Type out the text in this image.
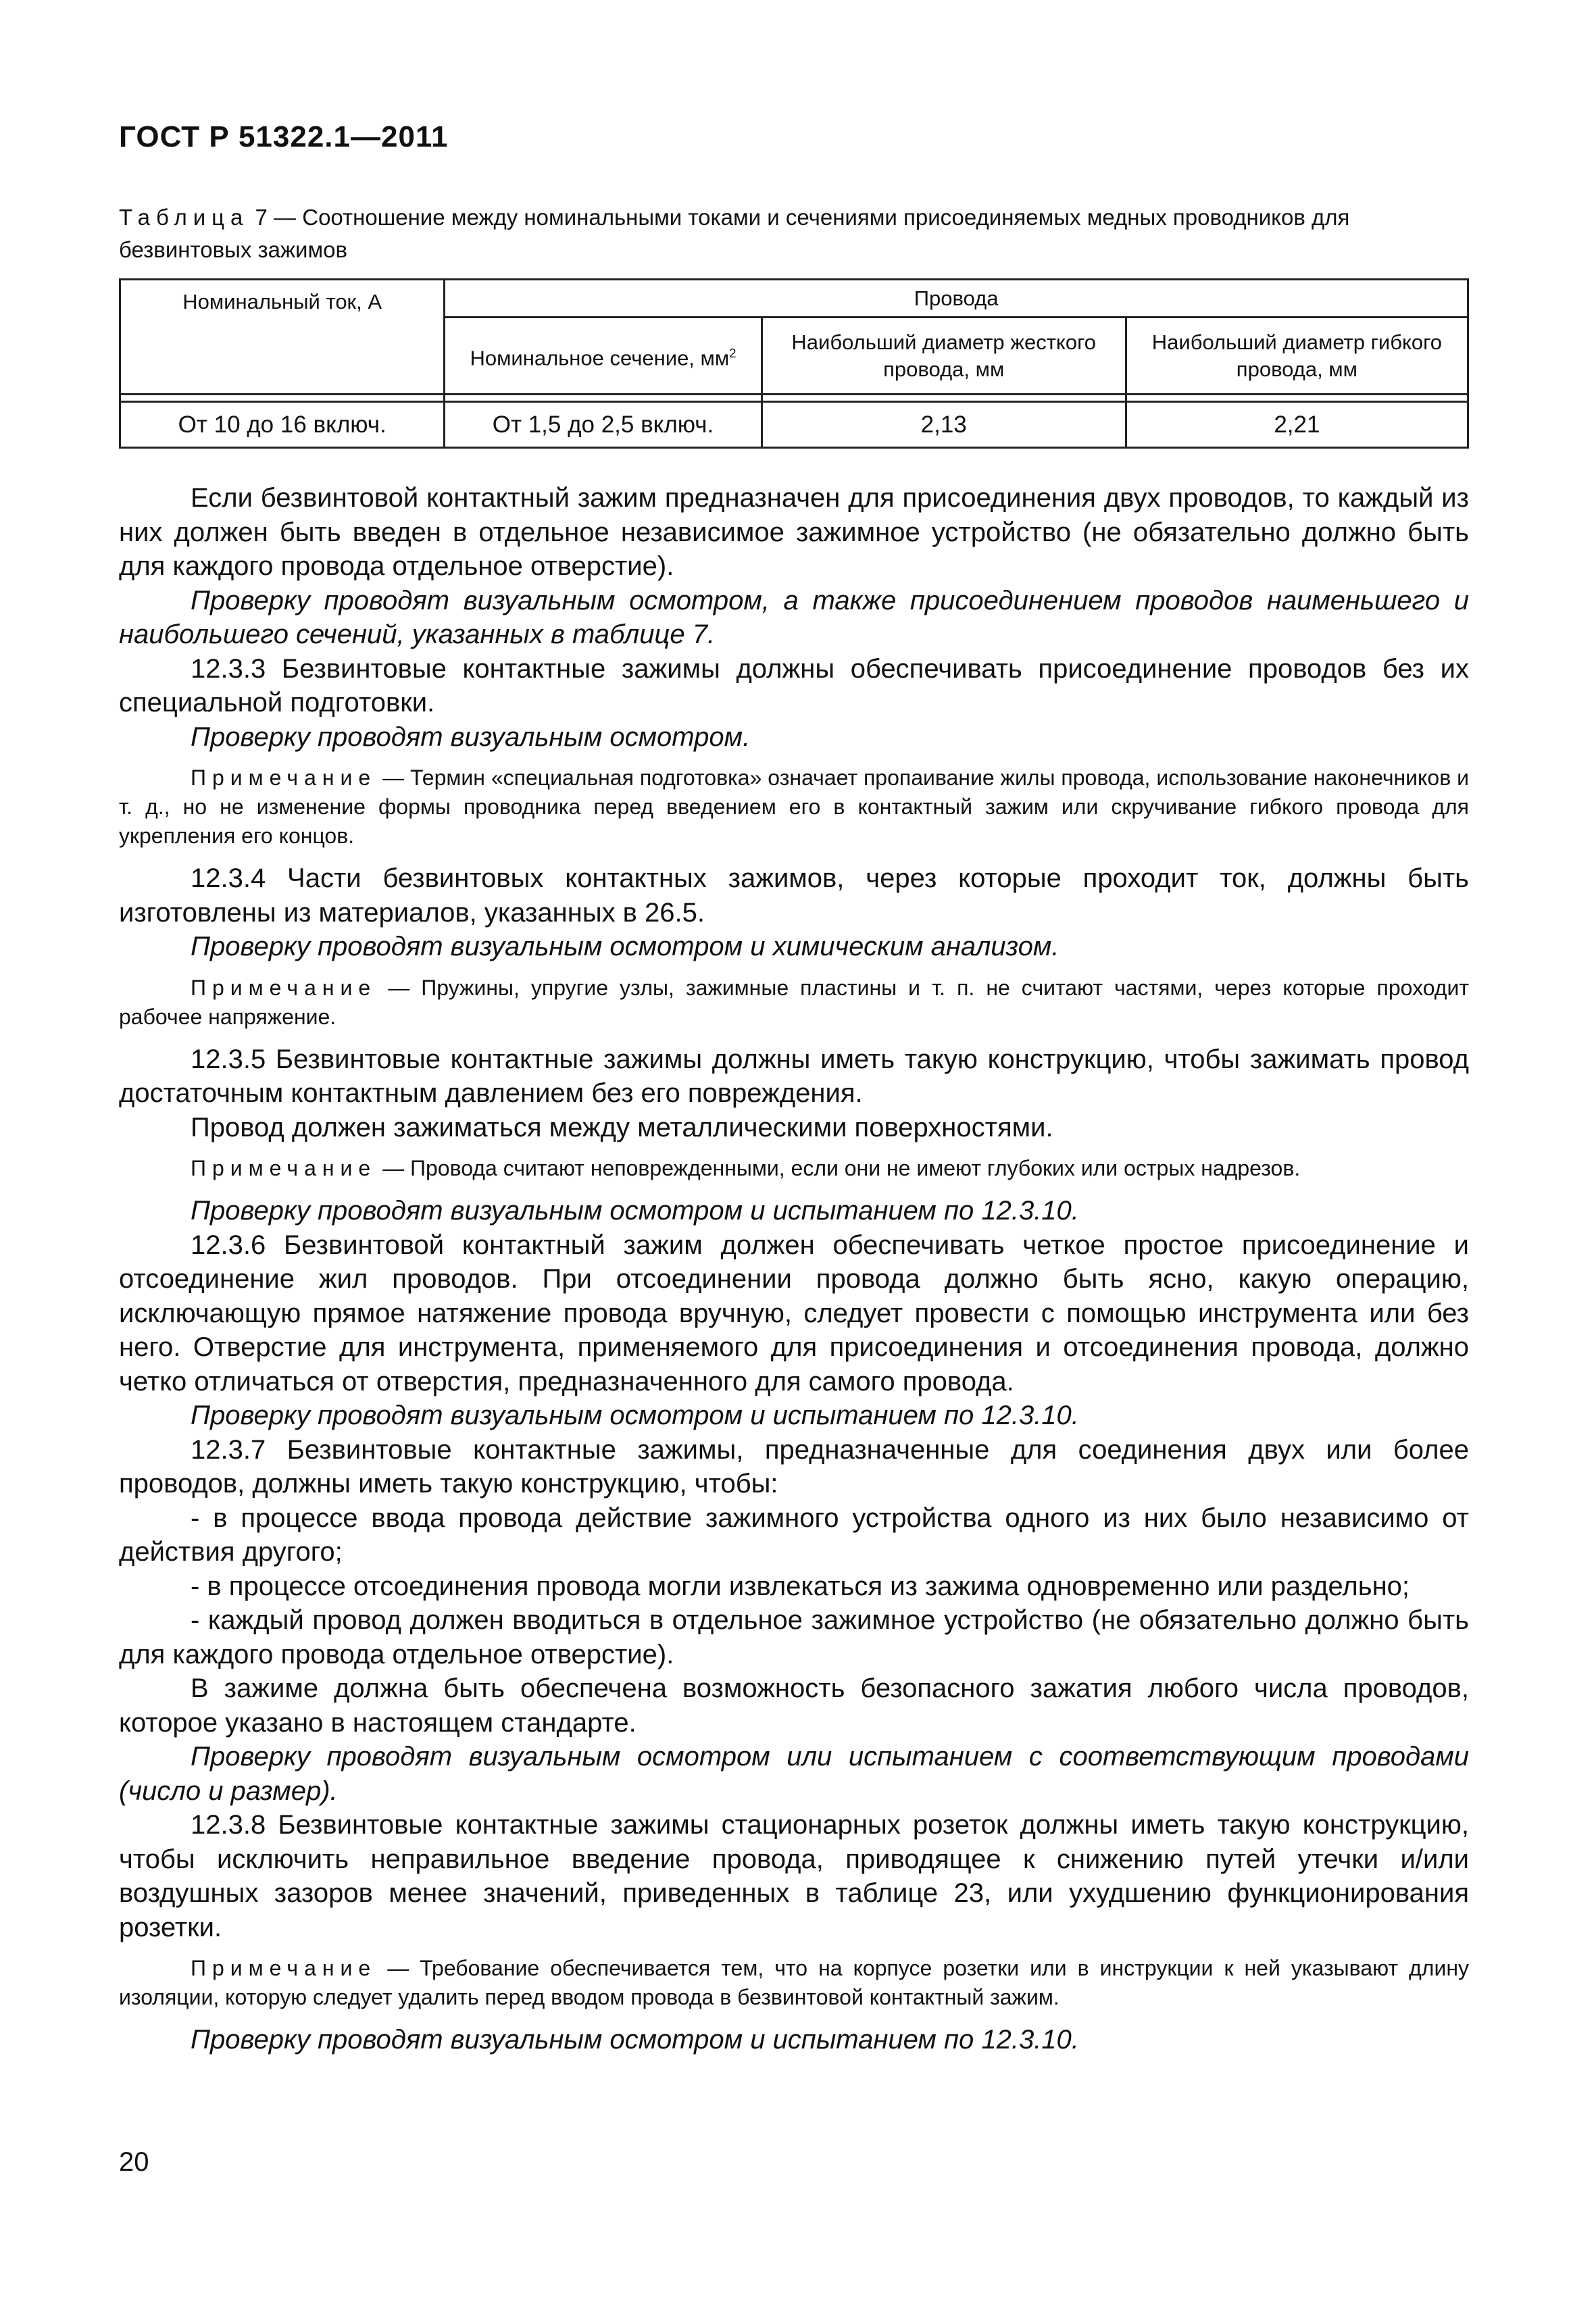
ГОСТ Р 51322.1—2011
Таблица 7 — Соотношение между номинальными токами и сечениями присоединяемых медных проводников для безвинтовых зажимов
Номинальный ток, А	Провода		
	Номинальное сечение, $мм^2$	Наибольший диаметр жесткого провода, мм	Наибольший диаметр гибкого провода, мм

От 10 до 16 включ.	От 1,5 до 2,5 включ.	2,13	2,21

Если безвинтовой контактный зажим предназначен для присоединения двух проводов, то каждый из них должен быть введен в отдельное независимое зажимное устройство (не обязательно должно быть для каждого провода отдельное отверстие).

Проверку проводят визуальным осмотром, а также присоединением проводов наименьшего и наибольшего сечений, указанных в таблице 7.

12.3.3 Безвинтовые контактные зажимы должны обеспечивать присоединение проводов без их специальной подготовки.

Проверку проводят визуальным осмотром.

Примечание — Термин «специальная подготовка» означает пропаивание жилы провода, использование наконечников и т. д., но не изменение формы проводника перед введением его в контактный зажим или скручивание гибкого провода для укрепления его концов.

12.3.4 Части безвинтовых контактных зажимов, через которые проходит ток, должны быть изготовлены из материалов, указанных в 26.5.

Проверку проводят визуальным осмотром и химическим анализом.

Примечание — Пружины, упругие узлы, зажимные пластины и т. п. не считают частями, через которые проходит рабочее напряжение.

12.3.5 Безвинтовые контактные зажимы должны иметь такую конструкцию, чтобы зажимать провод достаточным контактным давлением без его повреждения.

Провод должен зажиматься между металлическими поверхностями.

Примечание — Провода считают неповрежденными, если они не имеют глубоких или острых надрезов.

Проверку проводят визуальным осмотром и испытанием по 12.3.10.

12.3.6 Безвинтовой контактный зажим должен обеспечивать четкое простое присоединение и отсоединение жил проводов. При отсоединении провода должно быть ясно, какую операцию, исключающую прямое натяжение провода вручную, следует провести с помощью инструмента или без него. Отверстие для инструмента, применяемого для присоединения и отсоединения провода, должно четко отличаться от отверстия, предназначенного для самого провода.

Проверку проводят визуальным осмотром и испытанием по 12.3.10.

12.3.7 Безвинтовые контактные зажимы, предназначенные для соединения двух или более проводов, должны иметь такую конструкцию, чтобы:

- в процессе ввода провода действие зажимного устройства одного из них было независимо от действия другого;

- в процессе отсоединения провода могли извлекаться из зажима одновременно или раздельно;

- каждый провод должен вводиться в отдельное зажимное устройство (не обязательно должно быть для каждого провода отдельное отверстие).

В зажиме должна быть обеспечена возможность безопасного зажатия любого числа проводов, которое указано в настоящем стандарте.

Проверку проводят визуальным осмотром или испытанием с соответствующим проводами (число и размер).

12.3.8 Безвинтовые контактные зажимы стационарных розеток должны иметь такую конструкцию, чтобы исключить неправильное введение провода, приводящее к снижению путей утечки и/или воздушных зазоров менее значений, приведенных в таблице 23, или ухудшению функционирования розетки.

Примечание — Требование обеспечивается тем, что на корпусе розетки или в инструкции к ней указывают длину изоляции, которую следует удалить перед вводом провода в безвинтовой контактный зажим.

Проверку проводят визуальным осмотром и испытанием по 12.3.10.

20
